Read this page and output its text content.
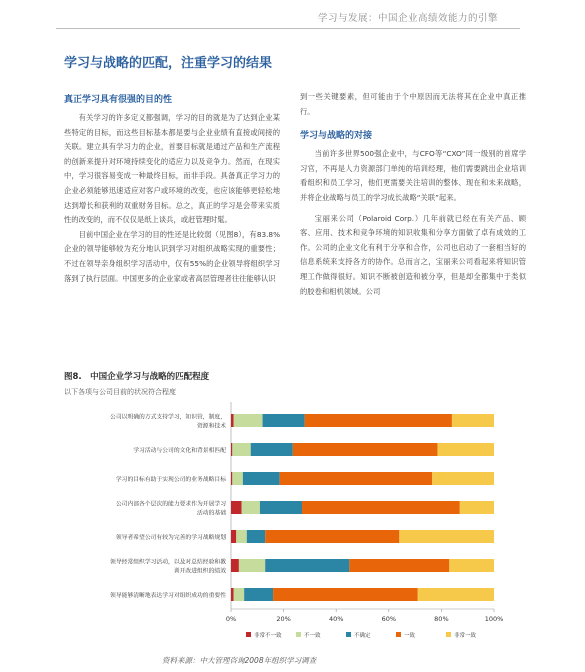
学习与发展：中国企业高绩效能力的引擎
学习与战略的匹配，注重学习的结果
真正学习具有很强的目的性

有关学习的许多定义都强调，学习的目的就是为了达到企业某些特定的目标，而这些目标基本都是要与企业业绩有直接或间接的关联。建立具有学习力的企业，首要目标就是通过产品和生产流程的创新来提升对环境持续变化的适应力以及竞争力。然而，在现实中，学习很容易变成一种最终目标，而非手段。具备真正学习力的企业必须能够迅速适应对客户或环境的改变，也应该能够更轻松地达到增长和获利的双重财务目标。总之，真正的学习是会带来实质性的改变的，而不仅仅是纸上谈兵，或赶管理时髦。

目前中国企业在学习的目的性还是比较弱（见图8），有83.8%企业的领导能够较为充分地认识到学习对组织战略实现的重要性；不过在领导亲身组织学习活动中，仅有55%的企业领导将组织学习落到了执行层面。中国更多的企业家或者高层管理者往往能够认识

到一些关键要素，但可能由于个中原因而无法将其在企业中真正推行。

学习与战略的对接

当前许多世界500强企业中，与CFO等“CXO”同一级别的首席学习官，不再是人力资源部门单纯的培训经理，他们需要跳出企业培训看组织和员工学习，他们更需要关注培训的整体、现在和未来战略，并将企业战略与员工的学习成长战略“关联”起来。

宝丽来公司（Polaroid Corp.）几年前就已经在有关产品、顾客、应用、技术和竞争环境的知识收集和分享方面做了卓有成效的工作。公司的企业文化有利于分享和合作，公司也启动了一套相当好的信息系统来支持各方的协作。总而言之，宝丽来公司看起来将知识管理工作做得很好。知识不断被创造和被分享，但是却全都集中于类似的胶卷和相机领域。公司

图8.　中国企业学习与战略的匹配程度
以下各项与公司目前的状况符合程度
公司以明确的方式支持学习，知识管，制度，
资源和技术
学习活动与公司的文化和背景相匹配
学习的目标有助于实现公司的业务战略目标
公司内部各个层次的能力要求作为开展学习
活动的基础
领导者希望公司有较为完善的学习战略规划
领导经常组织学习活动，以及对总结经验和教
训开改进组织的绩效
领导能够清晰地表达学习对组织成功的重要性
0%	20%	40%	60%	80%	100%
非常不一致	不一致	不确定	一致	非常一致
资料来源：中大管理咨询2008年组织学习调查
